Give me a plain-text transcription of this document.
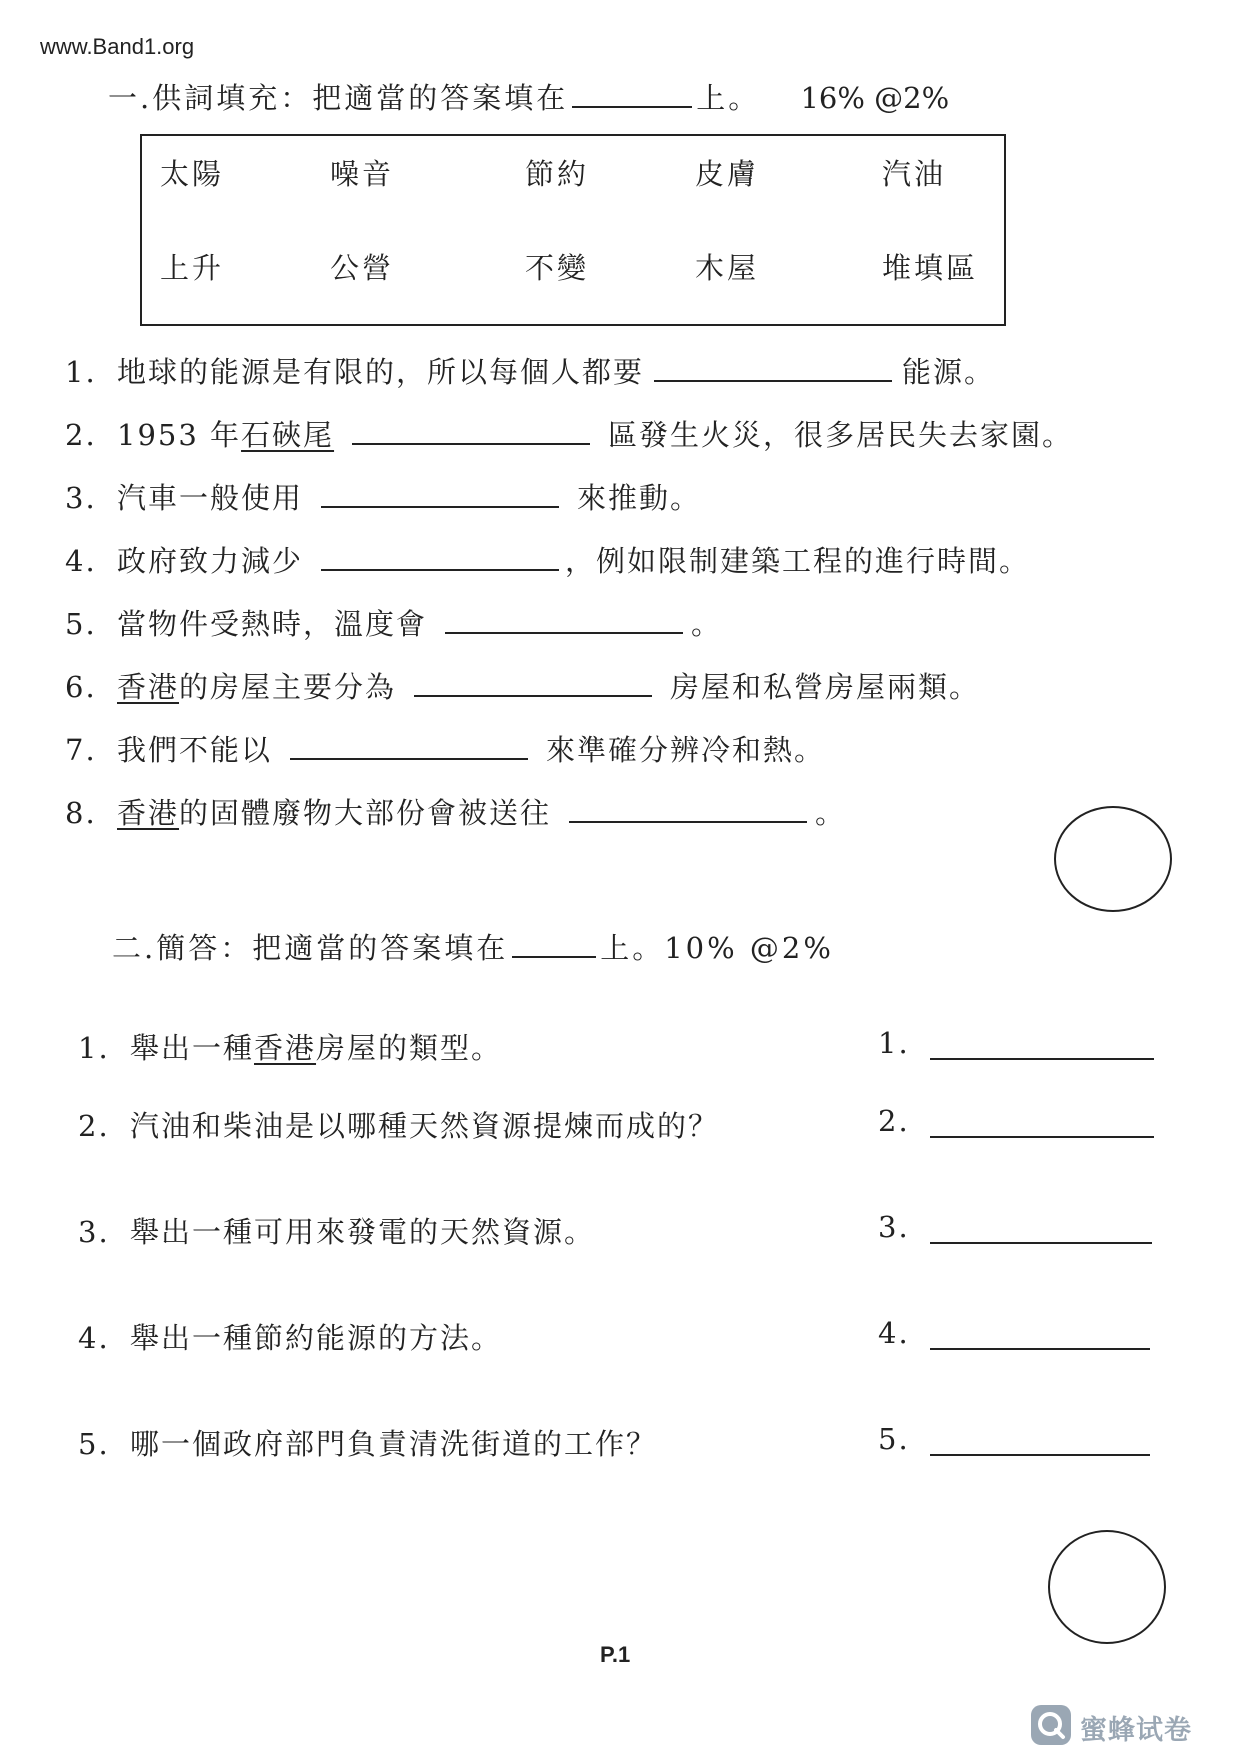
www.Band1.org
一.供詞填充：把適當的答案填在	上。 16% @2%
太陽	噪音	節約	皮膚	汽油
上升	公營	不變	木屋	堆填區
1. 地球的能源是有限的，所以每個人都要	能源。
2. 1953 年石硤尾	區發生火災，很多居民失去家園。
3. 汽車一般使用	來推動。
4. 政府致力減少	，例如限制建築工程的進行時間。
5. 當物件受熱時，溫度會	。
6. 香港的房屋主要分為	房屋和私營房屋兩類。
7. 我們不能以	來準確分辨冷和熱。
8. 香港的固體廢物大部份會被送往	。
二.簡答：把適當的答案填在	上。10% @2%
1. 舉出一種香港房屋的類型。	1.
2. 汽油和柴油是以哪種天然資源提煉而成的？	2.
3. 舉出一種可用來發電的天然資源。	3.
4. 舉出一種節約能源的方法。	4.
5. 哪一個政府部門負責清洗街道的工作？	5.
P.1
蜜蜂试卷
